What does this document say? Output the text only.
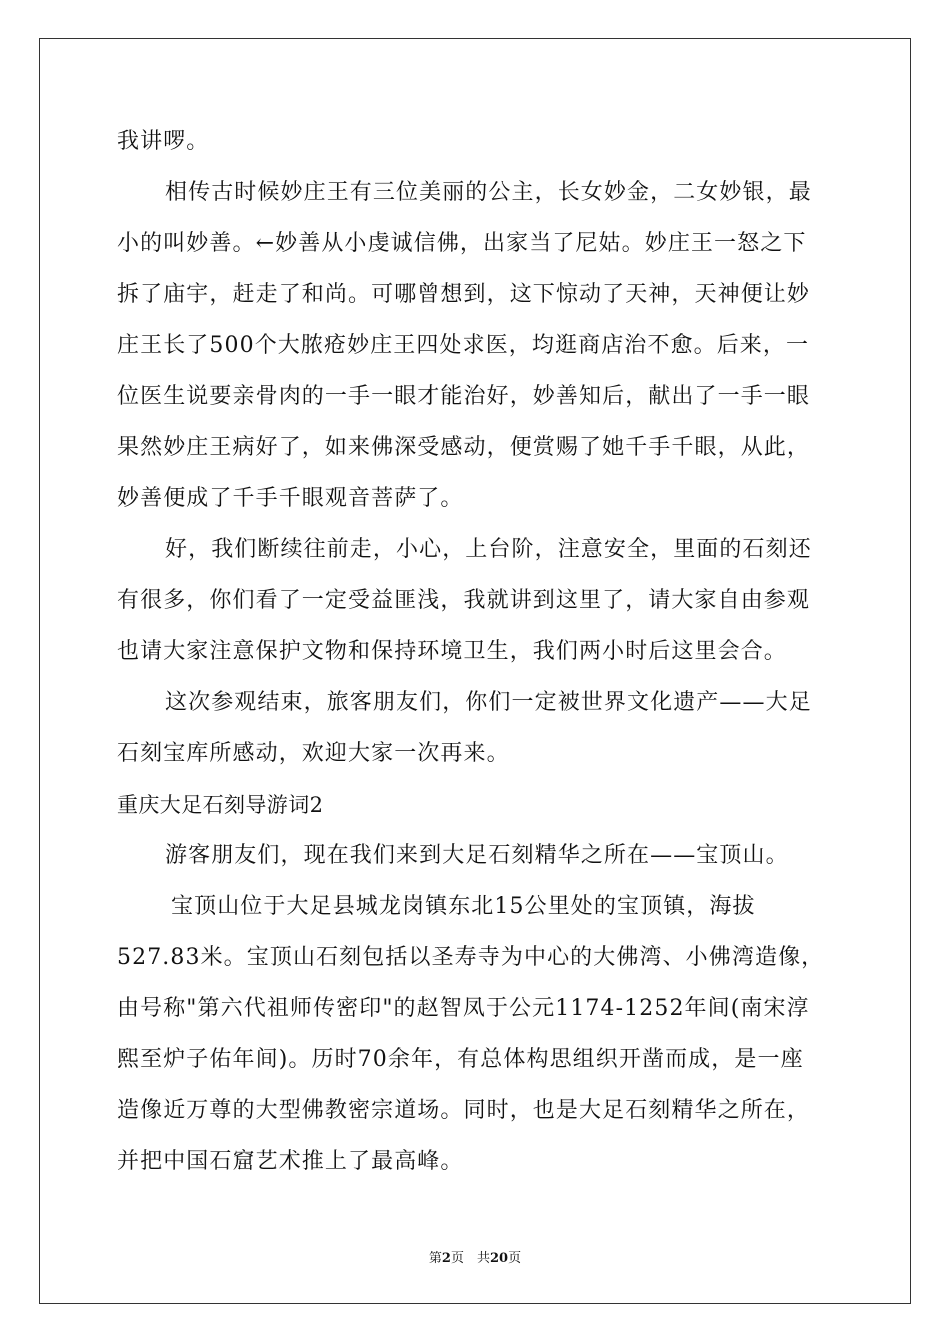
我讲啰。
相传古时候妙庄王有三位美丽的公主，长女妙金，二女妙银，最
小的叫妙善。←妙善从小虔诚信佛，出家当了尼姑。妙庄王一怒之下
拆了庙宇，赶走了和尚。可哪曾想到，这下惊动了天神，天神便让妙
庄王长了500个大脓疮妙庄王四处求医，均逛商店治不愈。后来，一
位医生说要亲骨肉的一手一眼才能治好，妙善知后，献出了一手一眼
果然妙庄王病好了，如来佛深受感动，便赏赐了她千手千眼，从此，
妙善便成了千手千眼观音菩萨了。
好，我们断续往前走，小心，上台阶，注意安全，里面的石刻还
有很多，你们看了一定受益匪浅，我就讲到这里了，请大家自由参观
也请大家注意保护文物和保持环境卫生，我们两小时后这里会合。
这次参观结束，旅客朋友们，你们一定被世界文化遗产——大足
石刻宝库所感动，欢迎大家一次再来。
重庆大足石刻导游词2
游客朋友们，现在我们来到大足石刻精华之所在——宝顶山。
宝顶山位于大足县城龙岗镇东北15公里处的宝顶镇，海拔
527.83米。宝顶山石刻包括以圣寿寺为中心的大佛湾、小佛湾造像，
由号称"第六代祖师传密印"的赵智凤于公元1174-1252年间(南宋淳
熙至炉子佑年间)。历时70余年，有总体构思组织开凿而成，是一座
造像近万尊的大型佛教密宗道场。同时，也是大足石刻精华之所在，
并把中国石窟艺术推上了最高峰。
第2页　共20页
